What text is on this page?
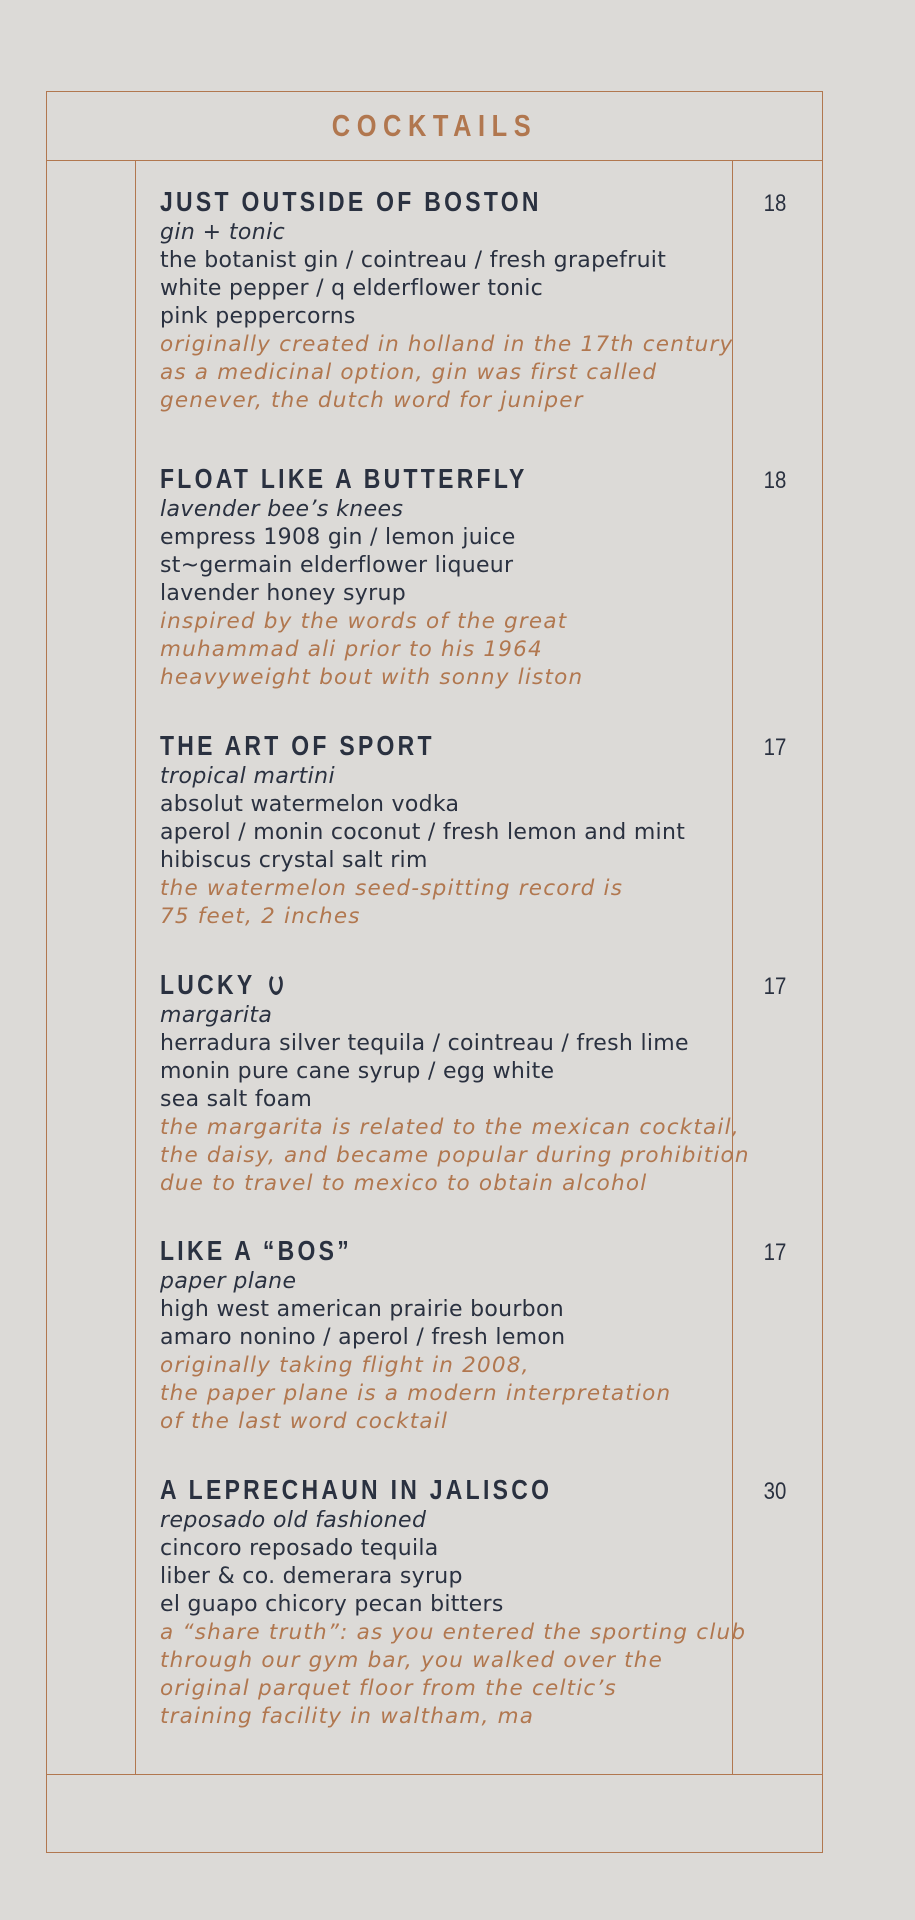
COCKTAILS
JUST OUTSIDE OF BOSTON
gin + tonic
the botanist gin / cointreau / fresh grapefruit
white pepper / q elderflower tonic
pink peppercorns
originally created in holland in the 17th century
as a medicinal option, gin was first called
genever, the dutch word for juniper
18
FLOAT LIKE A BUTTERFLY
lavender bee’s knees
empress 1908 gin / lemon juice
st~germain elderflower liqueur
lavender honey syrup
inspired by the words of the great
muhammad ali prior to his 1964
heavyweight bout with sonny liston
18
THE ART OF SPORT
tropical martini
absolut watermelon vodka
aperol / monin coconut / fresh lemon and mint
hibiscus crystal salt rim
the watermelon seed-spitting record is
75 feet, 2 inches
17
LUCKY
margarita
herradura silver tequila / cointreau / fresh lime
monin pure cane syrup / egg white
sea salt foam
the margarita is related to the mexican cocktail,
the daisy, and became popular during prohibition
due to travel to mexico to obtain alcohol
17
LIKE A “BOS”
paper plane
high west american prairie bourbon
amaro nonino / aperol / fresh lemon
originally taking flight in 2008,
the paper plane is a modern interpretation
of the last word cocktail
17
A LEPRECHAUN IN JALISCO
reposado old fashioned
cincoro reposado tequila
liber & co. demerara syrup
el guapo chicory pecan bitters
a “share truth”: as you entered the sporting club
through our gym bar, you walked over the
original parquet floor from the celtic’s
training facility in waltham, ma
30
